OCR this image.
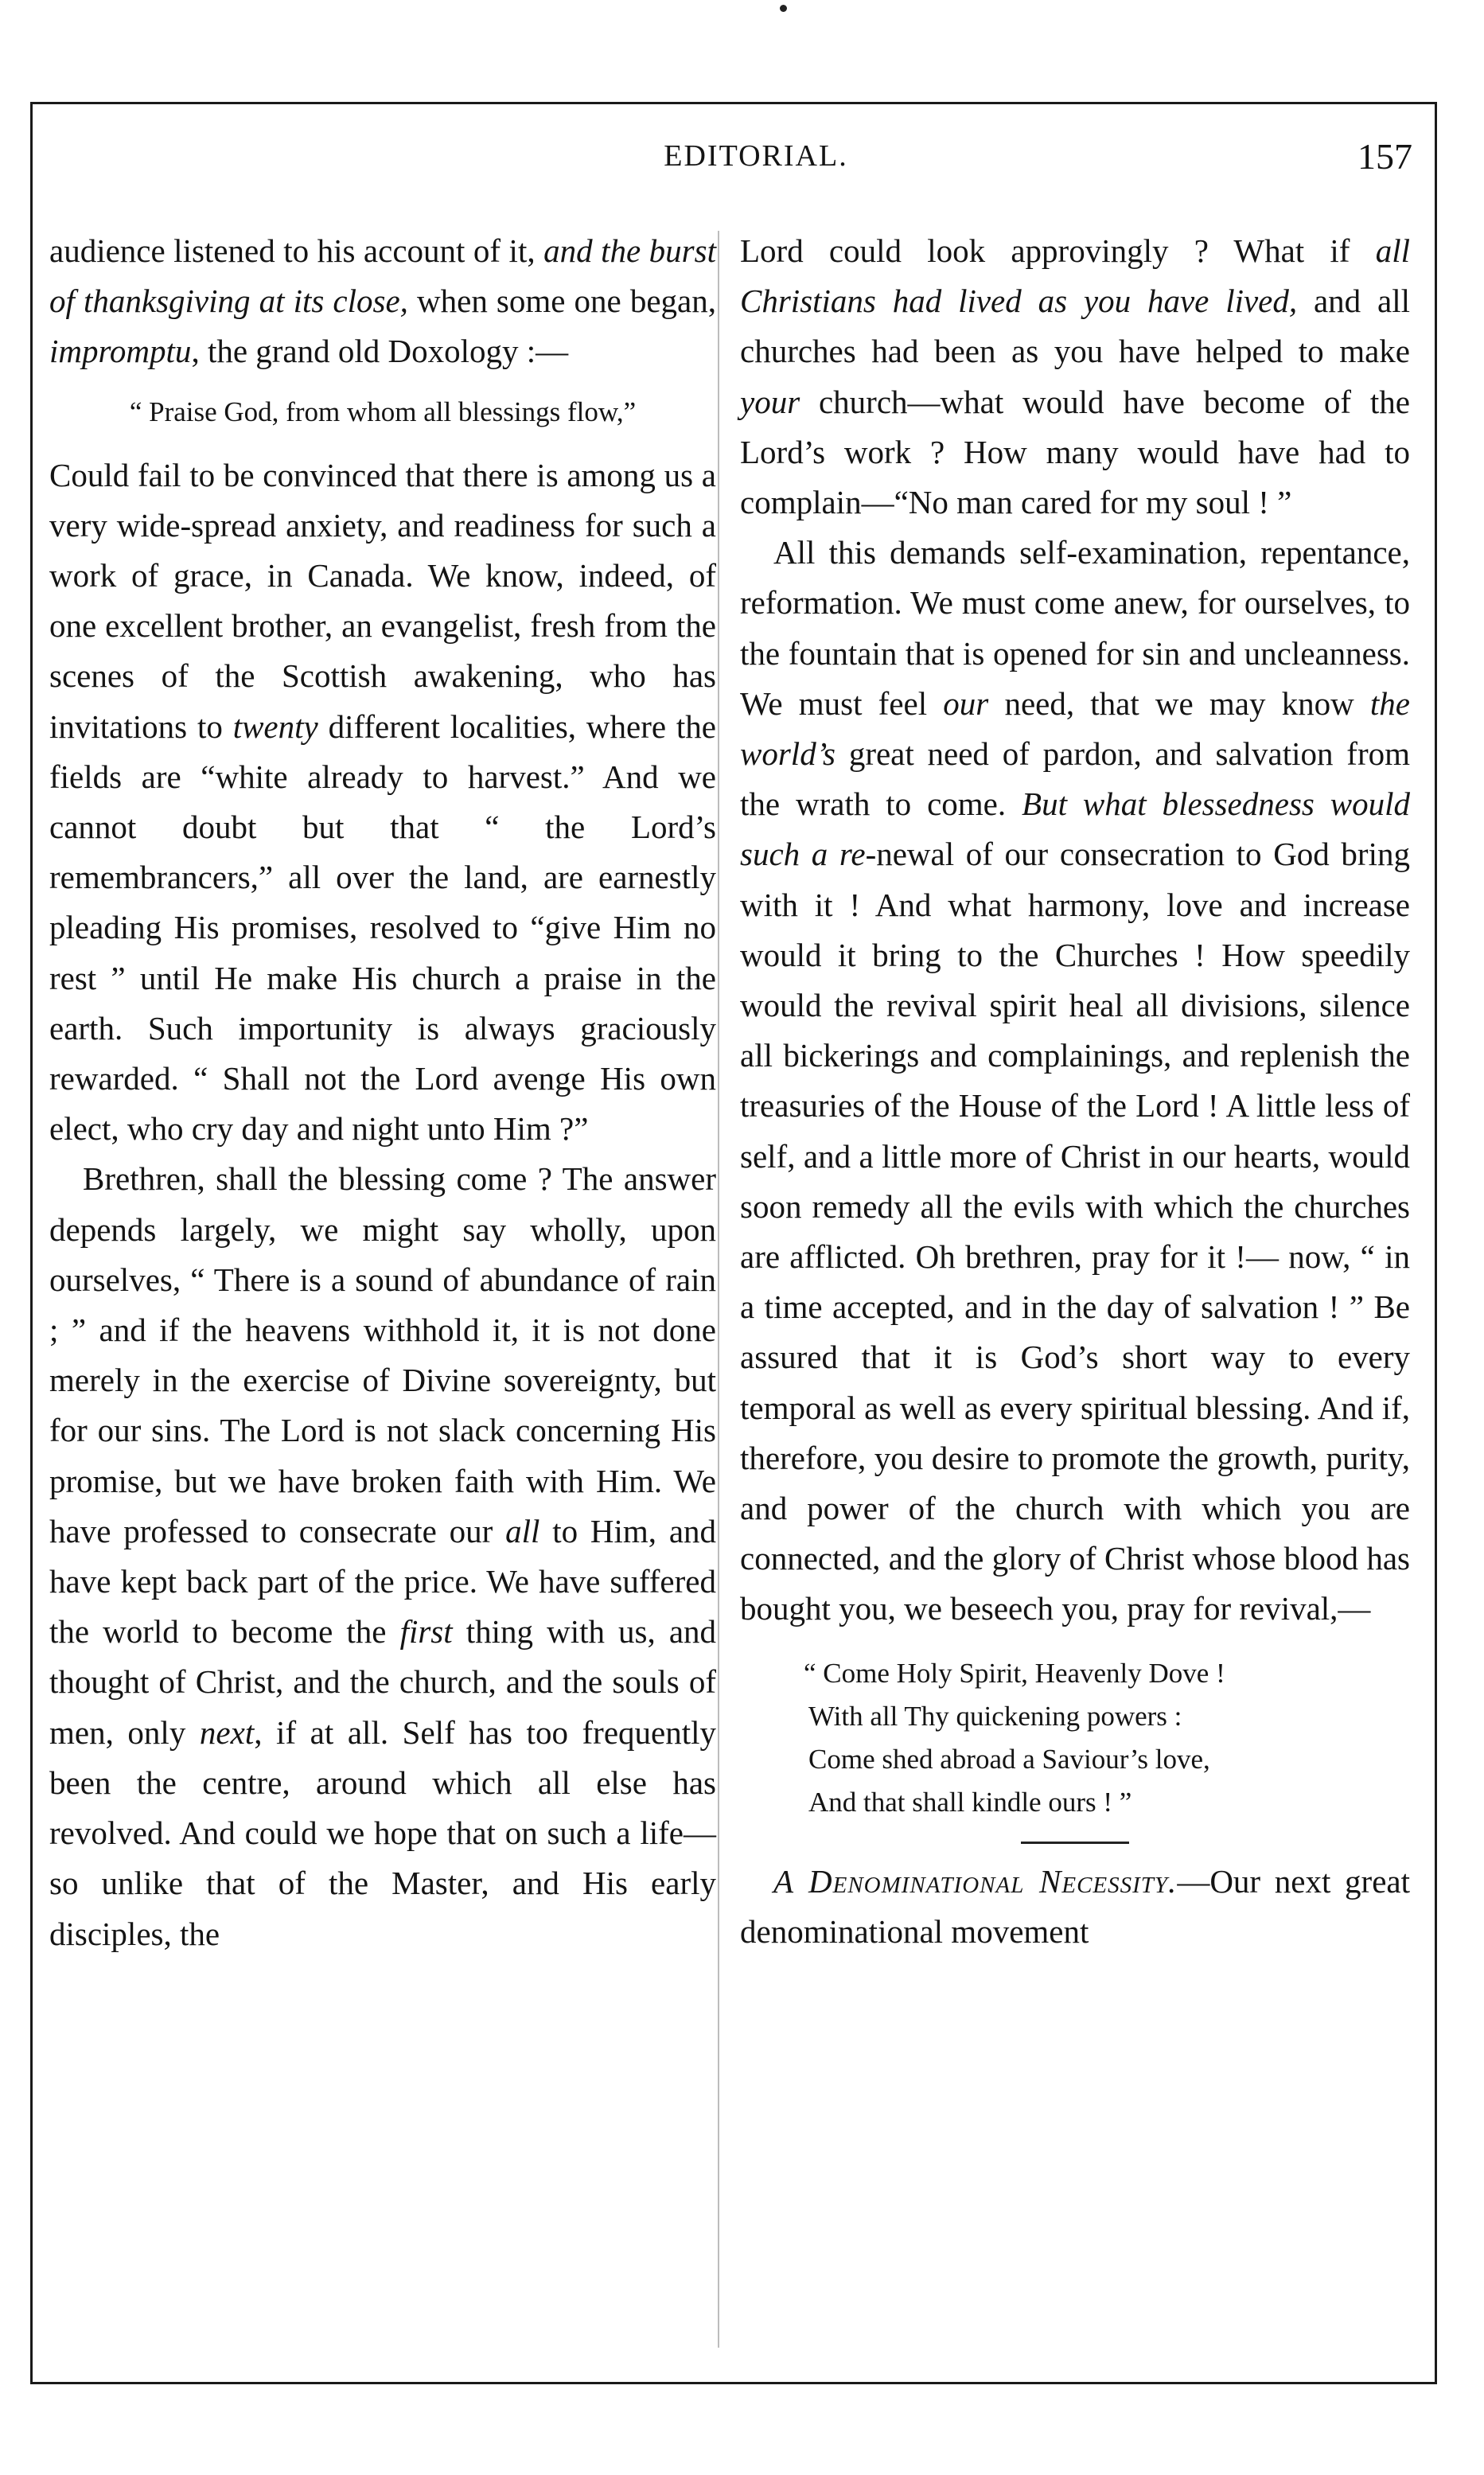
EDITORIAL.	157

audience listened to his account of it, and the burst of thanksgiving at its close, when some one began, impromptu, the grand old Doxology :—

“ Praise God, from whom all blessings flow,”

Could fail to be convinced that there is among us a very wide-spread anxiety, and readiness for such a work of grace, in Canada. We know, indeed, of one excellent brother, an evangelist, fresh from the scenes of the Scottish awakening, who has invitations to twenty different localities, where the fields are “white already to harvest.” And we cannot doubt but that “ the Lord’s remembrancers,” all over the land, are earnestly pleading His promises, resolved to “give Him no rest ” until He make His church a praise in the earth. Such importunity is always graciously rewarded. “ Shall not the Lord avenge His own elect, who cry day and night unto Him ?”

Brethren, shall the blessing come ? The answer depends largely, we might say wholly, upon ourselves, “ There is a sound of abundance of rain ; ” and if the heavens withhold it, it is not done merely in the exercise of Divine sovereignty, but for our sins. The Lord is not slack concerning His promise, but we have broken faith with Him. We have professed to consecrate our all to Him, and have kept back part of the price. We have suffered the world to become the first thing with us, and thought of Christ, and the church, and the souls of men, only next, if at all. Self has too frequently been the centre, around which all else has revolved. And could we hope that on such a life—so unlike that of the Master, and His early disciples, the

Lord could look approvingly ? What if all Christians had lived as you have lived, and all churches had been as you have helped to make your church—what would have become of the Lord’s work ? How many would have had to complain—“No man cared for my soul ! ”

All this demands self-examination, repentance, reformation. We must come anew, for ourselves, to the fountain that is opened for sin and uncleanness. We must feel our need, that we may know the world’s great need of pardon, and salvation from the wrath to come. But what blessedness would such a re-newal of our consecration to God bring with it ! And what harmony, love and increase would it bring to the Churches ! How speedily would the revival spirit heal all divisions, silence all bickerings and complainings, and replenish the treasuries of the House of the Lord ! A little less of self, and a little more of Christ in our hearts, would soon remedy all the evils with which the churches are afflicted. Oh brethren, pray for it !— now, “ in a time accepted, and in the day of salvation ! ” Be assured that it is God’s short way to every temporal as well as every spiritual blessing. And if, therefore, you desire to promote the growth, purity, and power of the church with which you are connected, and the glory of Christ whose blood has bought you, we beseech you, pray for revival,—

“ Come Holy Spirit, Heavenly Dove !
With all Thy quickening powers :
Come shed abroad a Saviour’s love,
And that shall kindle ours ! ”

A Denominational Necessity.—Our next great denominational movement
